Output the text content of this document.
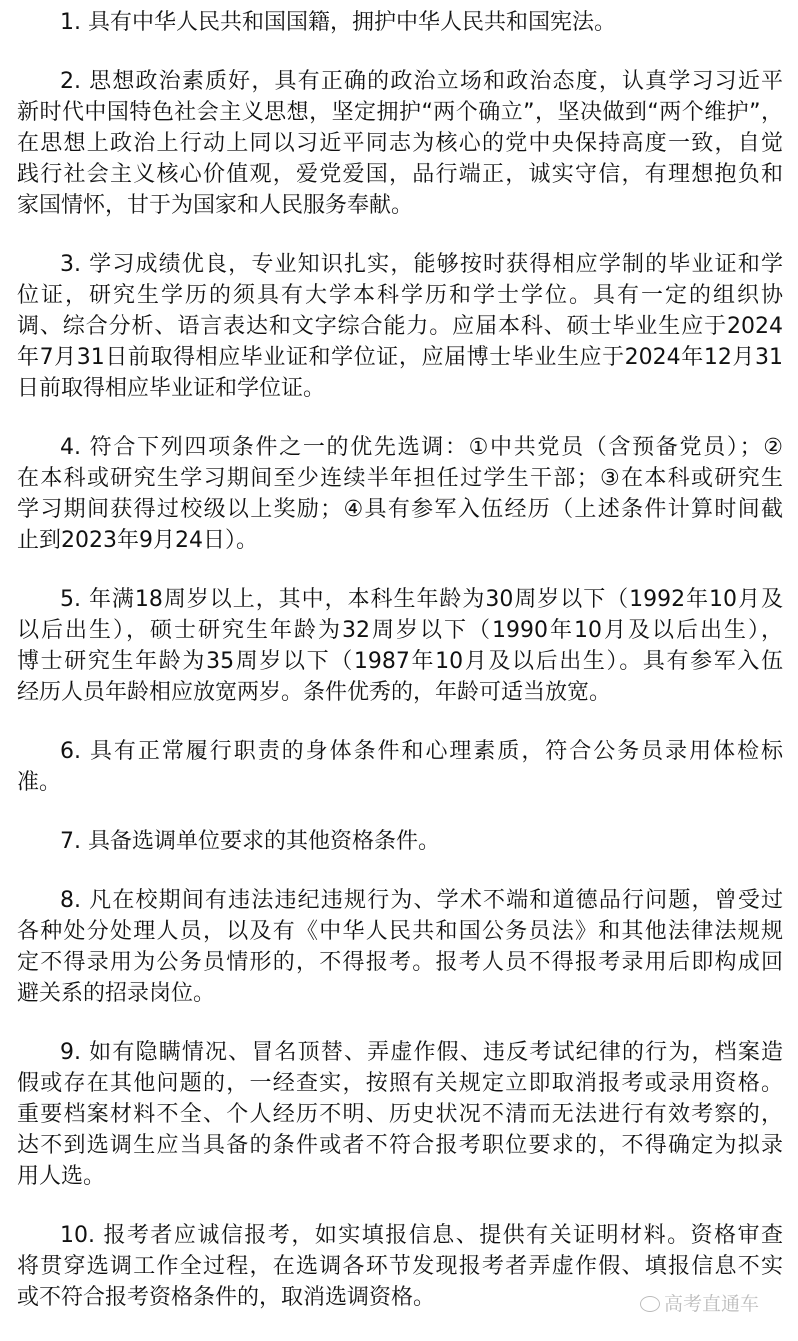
1. 具有中华人民共和国国籍，拥护中华人民共和国宪法。
2. 思想政治素质好，具有正确的政治立场和政治态度，认真学习习近平
新时代中国特色社会主义思想，坚定拥护“两个确立”，坚决做到“两个维护”，
在思想上政治上行动上同以习近平同志为核心的党中央保持高度一致，自觉
践行社会主义核心价值观，爱党爱国，品行端正，诚实守信，有理想抱负和
家国情怀，甘于为国家和人民服务奉献。
3. 学习成绩优良，专业知识扎实，能够按时获得相应学制的毕业证和学
位证，研究生学历的须具有大学本科学历和学士学位。具有一定的组织协
调、综合分析、语言表达和文字综合能力。应届本科、硕士毕业生应于2024
年7月31日前取得相应毕业证和学位证，应届博士毕业生应于2024年12月31
日前取得相应毕业证和学位证。
4. 符合下列四项条件之一的优先选调：①中共党员（含预备党员）；②
在本科或研究生学习期间至少连续半年担任过学生干部；③在本科或研究生
学习期间获得过校级以上奖励；④具有参军入伍经历（上述条件计算时间截
止到2023年9月24日）。
5. 年满18周岁以上，其中，本科生年龄为30周岁以下（1992年10月及
以后出生），硕士研究生年龄为32周岁以下（1990年10月及以后出生），
博士研究生年龄为35周岁以下（1987年10月及以后出生）。具有参军入伍
经历人员年龄相应放宽两岁。条件优秀的，年龄可适当放宽。
6. 具有正常履行职责的身体条件和心理素质，符合公务员录用体检标
准。
7. 具备选调单位要求的其他资格条件。
8. 凡在校期间有违法违纪违规行为、学术不端和道德品行问题，曾受过
各种处分处理人员，以及有《中华人民共和国公务员法》和其他法律法规规
定不得录用为公务员情形的，不得报考。报考人员不得报考录用后即构成回
避关系的招录岗位。
9. 如有隐瞒情况、冒名顶替、弄虚作假、违反考试纪律的行为，档案造
假或存在其他问题的，一经查实，按照有关规定立即取消报考或录用资格。
重要档案材料不全、个人经历不明、历史状况不清而无法进行有效考察的，
达不到选调生应当具备的条件或者不符合报考职位要求的，不得确定为拟录
用人选。
10. 报考者应诚信报考，如实填报信息、提供有关证明材料。资格审查
将贯穿选调工作全过程，在选调各环节发现报考者弄虚作假、填报信息不实
或不符合报考资格条件的，取消选调资格。	高考直通车
